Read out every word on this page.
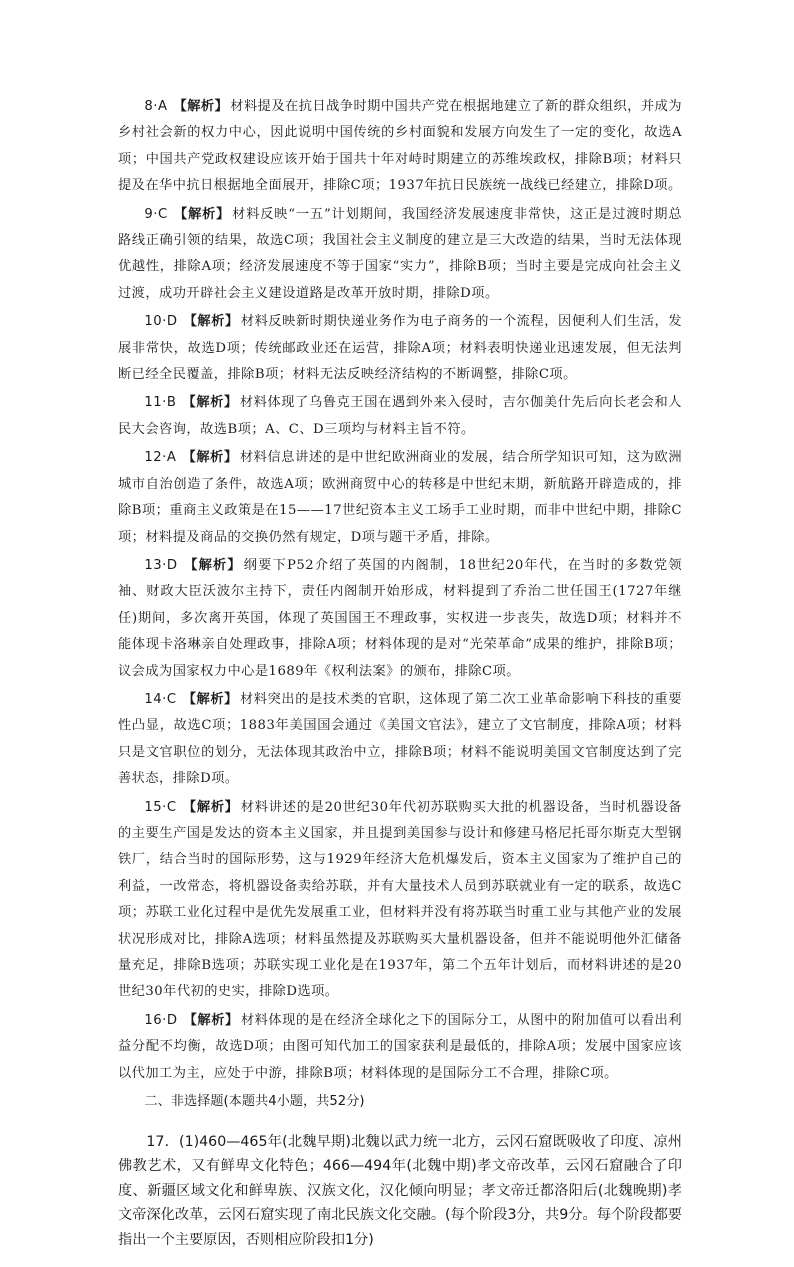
8·A 【解析】 材料提及在抗日战争时期中国共产党在根据地建立了新的群众组织，并成为乡村社会新的权力中心，因此说明中国传统的乡村面貌和发展方向发生了一定的变化，故选A项；中国共产党政权建设应该开始于国共十年对峙时期建立的苏维埃政权，排除B项；材料只提及在华中抗日根据地全面展开，排除C项；1937年抗日民族统一战线已经建立，排除D项。

9·C 【解析】 材料反映“一五”计划期间，我国经济发展速度非常快，这正是过渡时期总路线正确引领的结果，故选C项；我国社会主义制度的建立是三大改造的结果，当时无法体现优越性，排除A项；经济发展速度不等于国家“实力”，排除B项；当时主要是完成向社会主义过渡，成功开辟社会主义建设道路是改革开放时期，排除D项。

10·D 【解析】 材料反映新时期快递业务作为电子商务的一个流程，因便利人们生活，发展非常快，故选D项；传统邮政业还在运营，排除A项；材料表明快递业迅速发展，但无法判断已经全民覆盖，排除B项；材料无法反映经济结构的不断调整，排除C项。

11·B 【解析】 材料体现了乌鲁克王国在遇到外来入侵时，吉尔伽美什先后向长老会和人民大会咨询，故选B项；A、C、D三项均与材料主旨不符。

12·A 【解析】 材料信息讲述的是中世纪欧洲商业的发展，结合所学知识可知，这为欧洲城市自治创造了条件，故选A项；欧洲商贸中心的转移是中世纪末期，新航路开辟造成的，排除B项；重商主义政策是在15——17世纪资本主义工场手工业时期，而非中世纪中期，排除C项；材料提及商品的交换仍然有规定，D项与题干矛盾，排除。

13·D 【解析】 纲要下P52介绍了英国的内阁制，18世纪20年代，在当时的多数党领袖、财政大臣沃波尔主持下，责任内阁制开始形成，材料提到了乔治二世任国王(1727年继任)期间，多次离开英国，体现了英国国王不理政事，实权进一步丧失，故选D项；材料并不能体现卡洛琳亲自处理政事，排除A项；材料体现的是对“光荣革命”成果的维护，排除B项；议会成为国家权力中心是1689年《权利法案》的颁布，排除C项。

14·C 【解析】 材料突出的是技术类的官职，这体现了第二次工业革命影响下科技的重要性凸显，故选C项；1883年美国国会通过《美国文官法》，建立了文官制度，排除A项；材料只是文官职位的划分，无法体现其政治中立，排除B项；材料不能说明美国文官制度达到了完善状态，排除D项。

15·C 【解析】 材料讲述的是20世纪30年代初苏联购买大批的机器设备，当时机器设备的主要生产国是发达的资本主义国家，并且提到美国参与设计和修建马格尼托哥尔斯克大型钢铁厂，结合当时的国际形势，这与1929年经济大危机爆发后，资本主义国家为了维护自己的利益，一改常态，将机器设备卖给苏联，并有大量技术人员到苏联就业有一定的联系，故选C项；苏联工业化过程中是优先发展重工业，但材料并没有将苏联当时重工业与其他产业的发展状况形成对比，排除A选项；材料虽然提及苏联购买大量机器设备，但并不能说明他外汇储备量充足，排除B选项；苏联实现工业化是在1937年，第二个五年计划后，而材料讲述的是20世纪30年代初的史实，排除D选项。

16·D 【解析】 材料体现的是在经济全球化之下的国际分工，从图中的附加值可以看出利益分配不均衡，故选D项；由图可知代加工的国家获利是最低的，排除A项；发展中国家应该以代加工为主，应处于中游，排除B项；材料体现的是国际分工不合理，排除C项。

二、非选择题(本题共4小题，共52分)

17．(1)460—465年(北魏早期)北魏以武力统一北方，云冈石窟既吸收了印度、凉州佛教艺术，又有鲜卑文化特色；466—494年(北魏中期)孝文帝改革，云冈石窟融合了印度、新疆区域文化和鲜卑族、汉族文化，汉化倾向明显；孝文帝迁都洛阳后(北魏晚期)孝文帝深化改革，云冈石窟实现了南北民族文化交融。(每个阶段3分，共9分。每个阶段都要指出一个主要原因，否则相应阶段扣1分)
